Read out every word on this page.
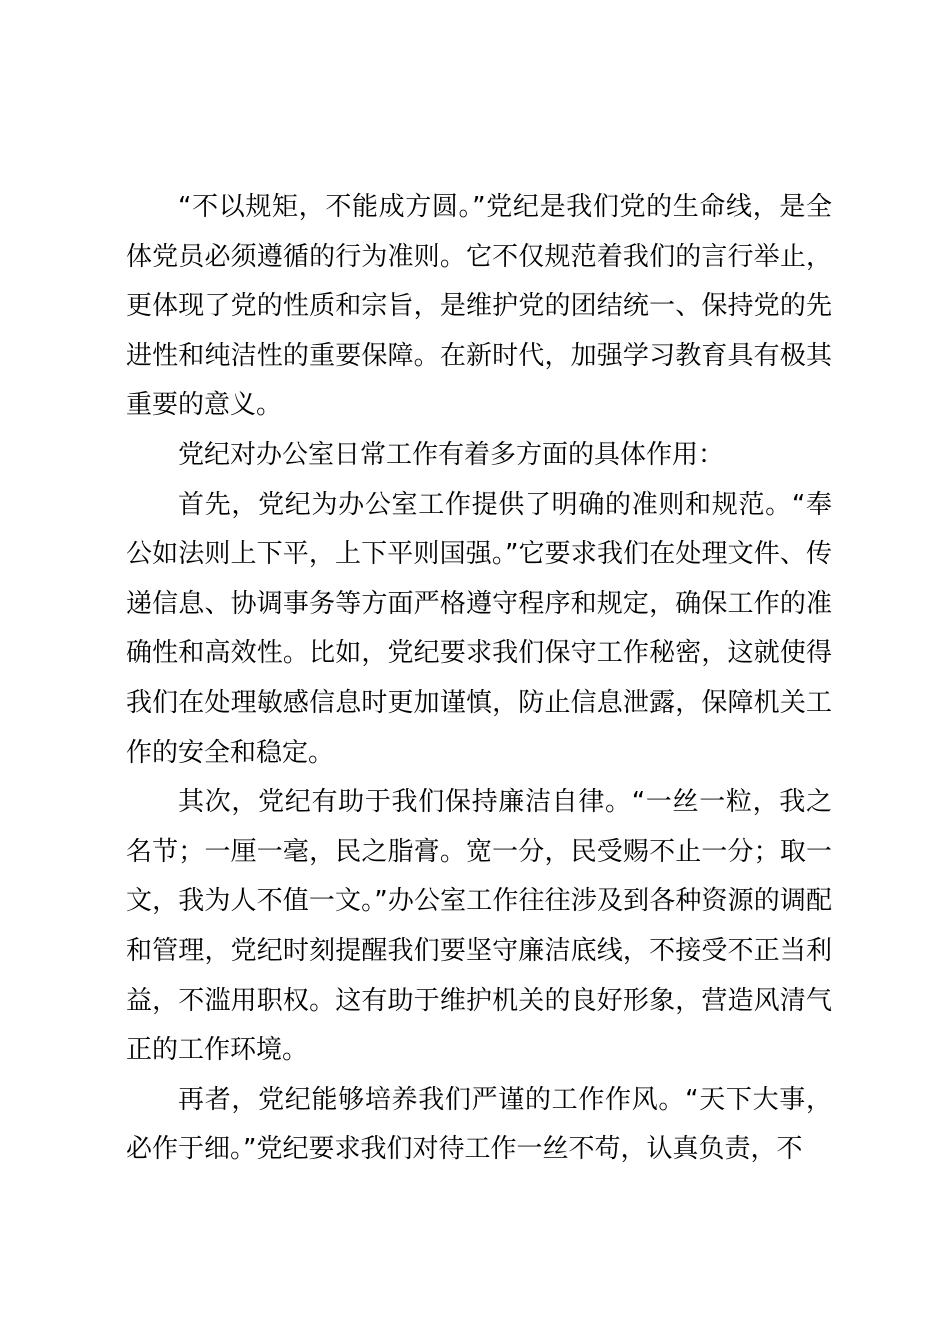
“不以规矩，不能成方圆。”党纪是我们党的生命线，是全体党员必须遵循的行为准则。它不仅规范着我们的言行举止，更体现了党的性质和宗旨，是维护党的团结统一、保持党的先进性和纯洁性的重要保障。在新时代，加强学习教育具有极其重要的意义。

党纪对办公室日常工作有着多方面的具体作用：

首先，党纪为办公室工作提供了明确的准则和规范。“奉公如法则上下平，上下平则国强。”它要求我们在处理文件、传递信息、协调事务等方面严格遵守程序和规定，确保工作的准确性和高效性。比如，党纪要求我们保守工作秘密，这就使得我们在处理敏感信息时更加谨慎，防止信息泄露，保障机关工作的安全和稳定。

其次，党纪有助于我们保持廉洁自律。“一丝一粒，我之名节；一厘一毫，民之脂膏。宽一分，民受赐不止一分；取一文，我为人不值一文。”办公室工作往往涉及到各种资源的调配和管理，党纪时刻提醒我们要坚守廉洁底线，不接受不正当利益，不滥用职权。这有助于维护机关的良好形象，营造风清气正的工作环境。

再者，党纪能够培养我们严谨的工作作风。“天下大事，必作于细。”党纪要求我们对待工作一丝不苟，认真负责，不
